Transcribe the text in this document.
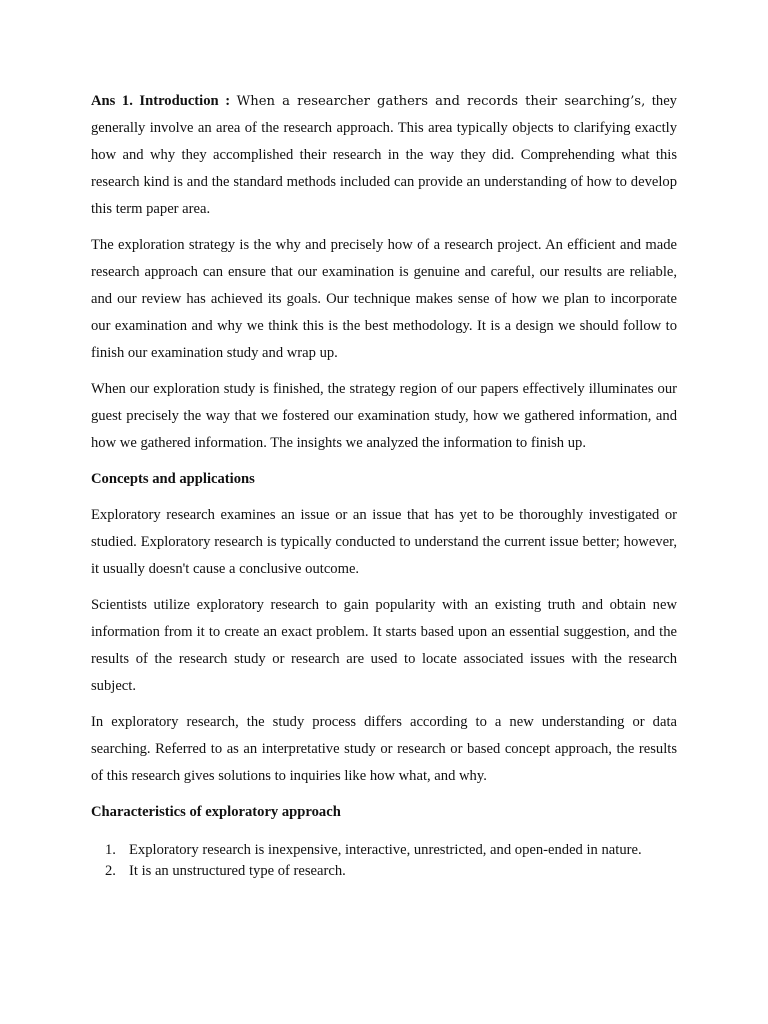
Ans 1. Introduction : When a researcher gathers and records their searching’s, they generally involve an area of the research approach. This area typically objects to clarifying exactly how and why they accomplished their research in the way they did. Comprehending what this research kind is and the standard methods included can provide an understanding of how to develop this term paper area.

The exploration strategy is the why and precisely how of a research project. An efficient and made research approach can ensure that our examination is genuine and careful, our results are reliable, and our review has achieved its goals. Our technique makes sense of how we plan to incorporate our examination and why we think this is the best methodology. It is a design we should follow to finish our examination study and wrap up.

When our exploration study is finished, the strategy region of our papers effectively illuminates our guest precisely the way that we fostered our examination study, how we gathered information, and how we gathered information. The insights we analyzed the information to finish up.

Concepts and applications

Exploratory research examines an issue or an issue that has yet to be thoroughly investigated or studied. Exploratory research is typically conducted to understand the current issue better; however, it usually doesn't cause a conclusive outcome.

Scientists utilize exploratory research to gain popularity with an existing truth and obtain new information from it to create an exact problem. It starts based upon an essential suggestion, and the results of the research study or research are used to locate associated issues with the research subject.

In exploratory research, the study process differs according to a new understanding or data searching. Referred to as an interpretative study or research or based concept approach, the results of this research gives solutions to inquiries like how what, and why.

Characteristics of exploratory approach

1. Exploratory research is inexpensive, interactive, unrestricted, and open-ended in nature.
2. It is an unstructured type of research.
